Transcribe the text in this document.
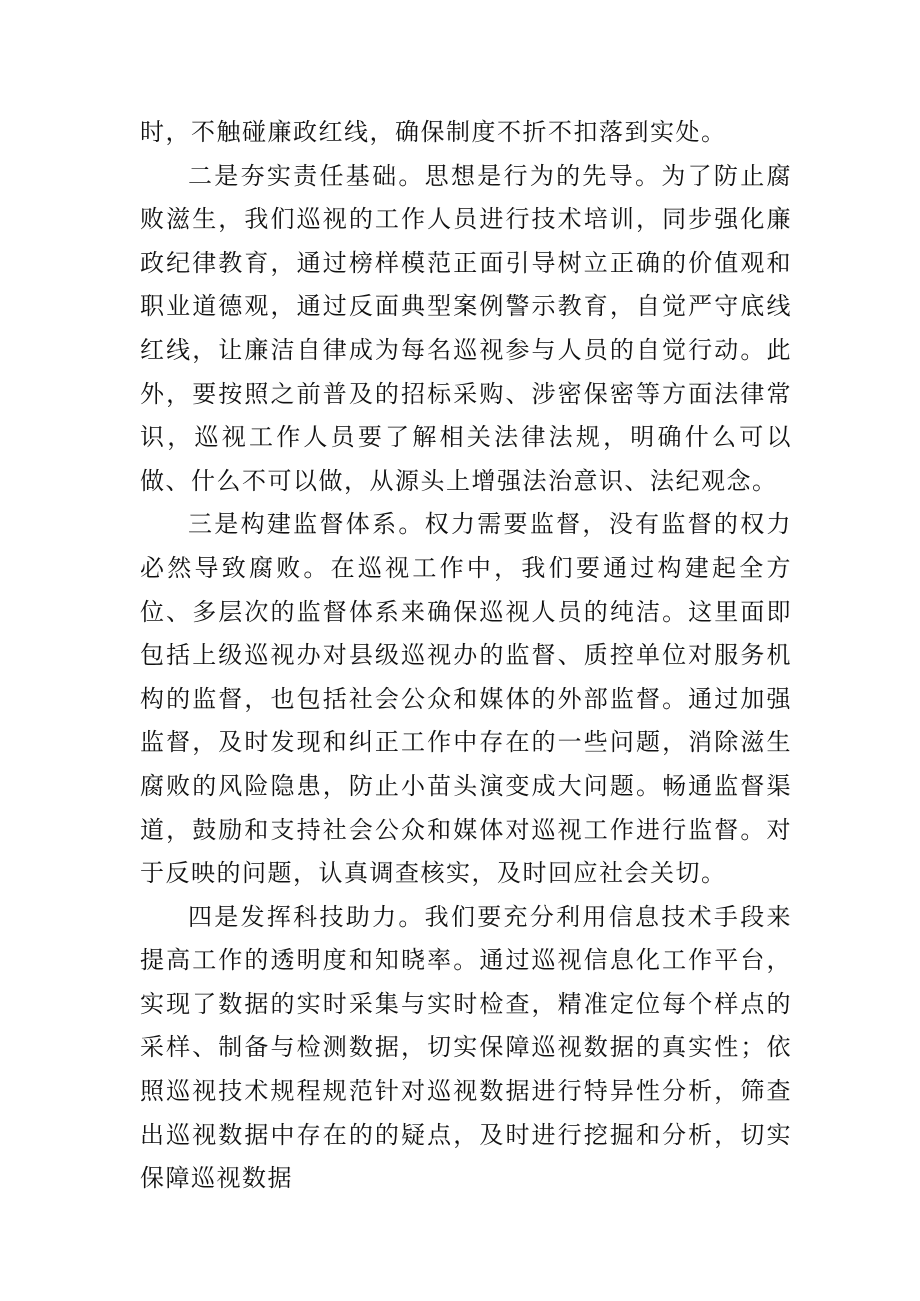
时，不触碰廉政红线，确保制度不折不扣落到实处。

二是夯实责任基础。思想是行为的先导。为了防止腐败滋生，我们巡视的工作人员进行技术培训，同步强化廉政纪律教育，通过榜样模范正面引导树立正确的价值观和职业道德观，通过反面典型案例警示教育，自觉严守底线红线，让廉洁自律成为每名巡视参与人员的自觉行动。此外，要按照之前普及的招标采购、涉密保密等方面法律常识，巡视工作人员要了解相关法律法规，明确什么可以做、什么不可以做，从源头上增强法治意识、法纪观念。

三是构建监督体系。权力需要监督，没有监督的权力必然导致腐败。在巡视工作中，我们要通过构建起全方位、多层次的监督体系来确保巡视人员的纯洁。这里面即包括上级巡视办对县级巡视办的监督、质控单位对服务机构的监督，也包括社会公众和媒体的外部监督。通过加强监督，及时发现和纠正工作中存在的一些问题，消除滋生腐败的风险隐患，防止小苗头演变成大问题。畅通监督渠道，鼓励和支持社会公众和媒体对巡视工作进行监督。对于反映的问题，认真调查核实，及时回应社会关切。

四是发挥科技助力。我们要充分利用信息技术手段来提高工作的透明度和知晓率。通过巡视信息化工作平台，实现了数据的实时采集与实时检查，精准定位每个样点的采样、制备与检测数据，切实保障巡视数据的真实性；依照巡视技术规程规范针对巡视数据进行特异性分析，筛查出巡视数据中存在的的疑点，及时进行挖掘和分析，切实保障巡视数据
